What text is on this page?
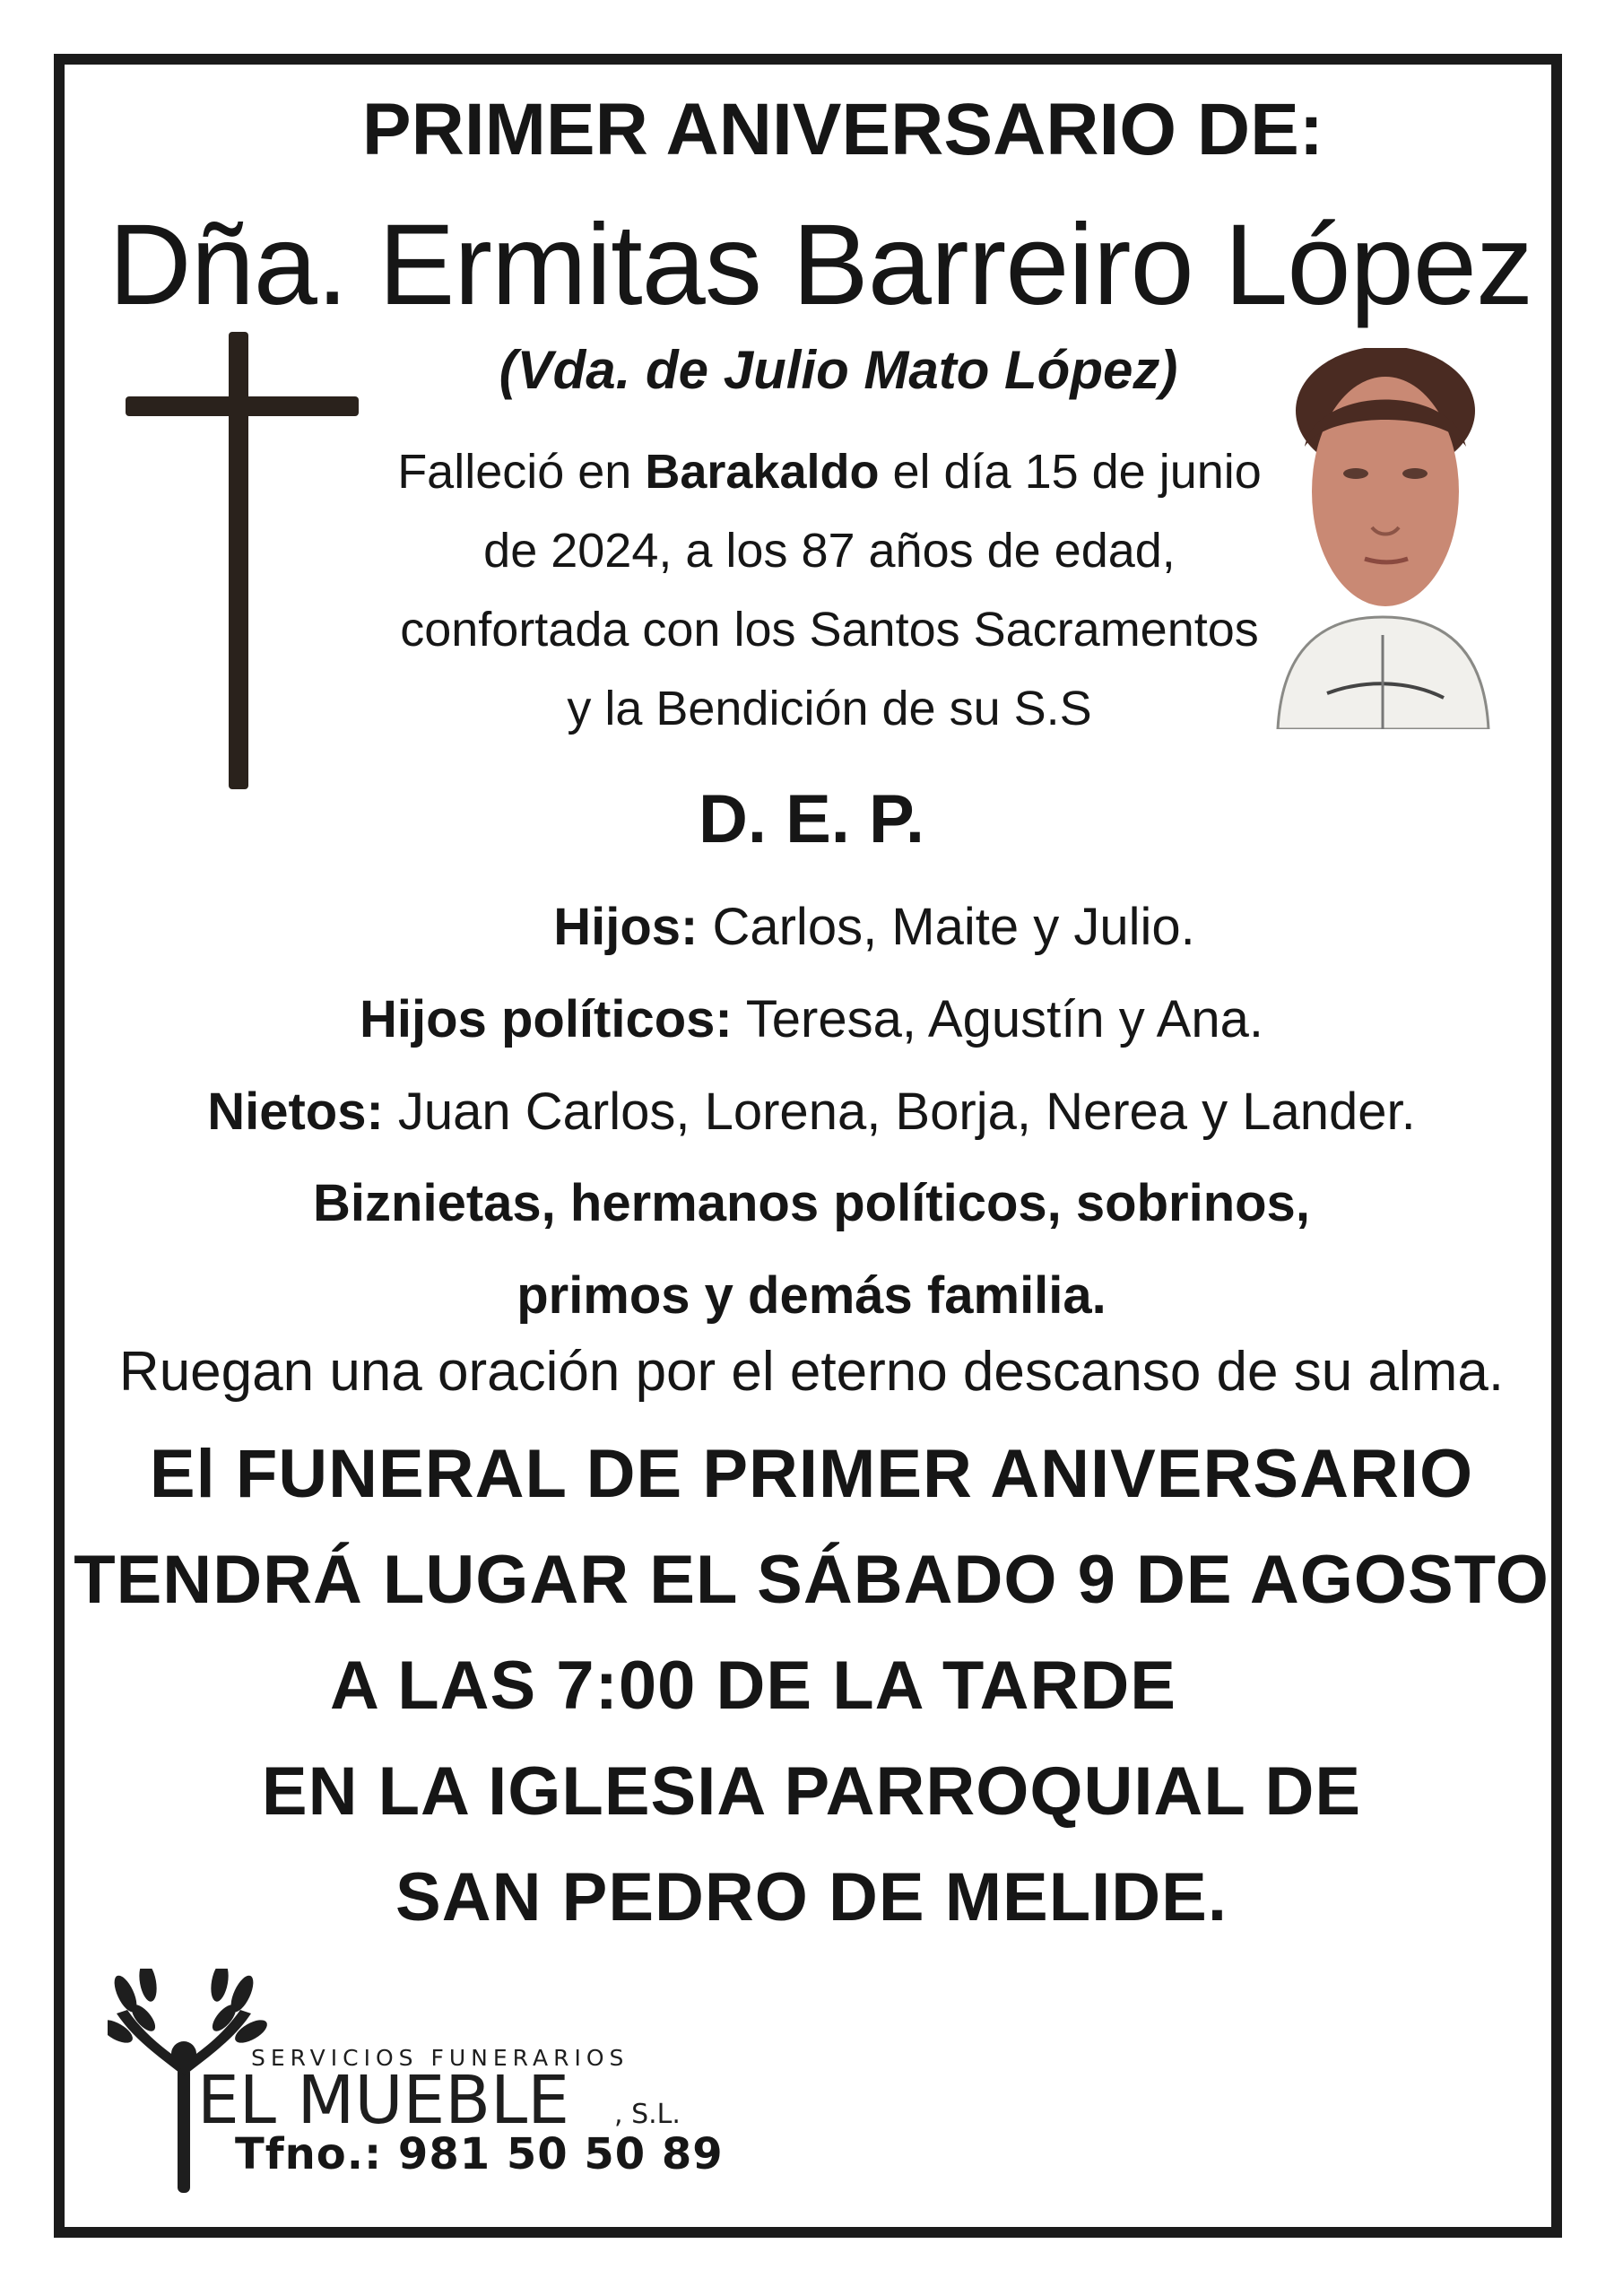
PRIMER ANIVERSARIO DE:
Dña. Ermitas Barreiro López
(Vda. de Julio Mato López)
Falleció en Barakaldo el día 15 de junio
de 2024, a los 87 años de edad,
confortada con los Santos Sacramentos
y la Bendición de su S.S
D. E. P.
Hijos: Carlos, Maite y Julio.
Hijos políticos: Teresa, Agustín y Ana.
Nietos: Juan Carlos, Lorena, Borja, Nerea y Lander.
Biznietas, hermanos políticos, sobrinos,
primos y demás familia.
Ruegan una oración por el eterno descanso de su alma.
El FUNERAL DE PRIMER ANIVERSARIO
TENDRÁ LUGAR EL SÁBADO 9 DE AGOSTO
A LAS 7:00 DE LA TARDE
EN LA IGLESIA PARROQUIAL DE
SAN PEDRO DE MELIDE.
SERVICIOS FUNERARIOS
EL MUEBLE , S.L.
Tfno.: 981 50 50 89
